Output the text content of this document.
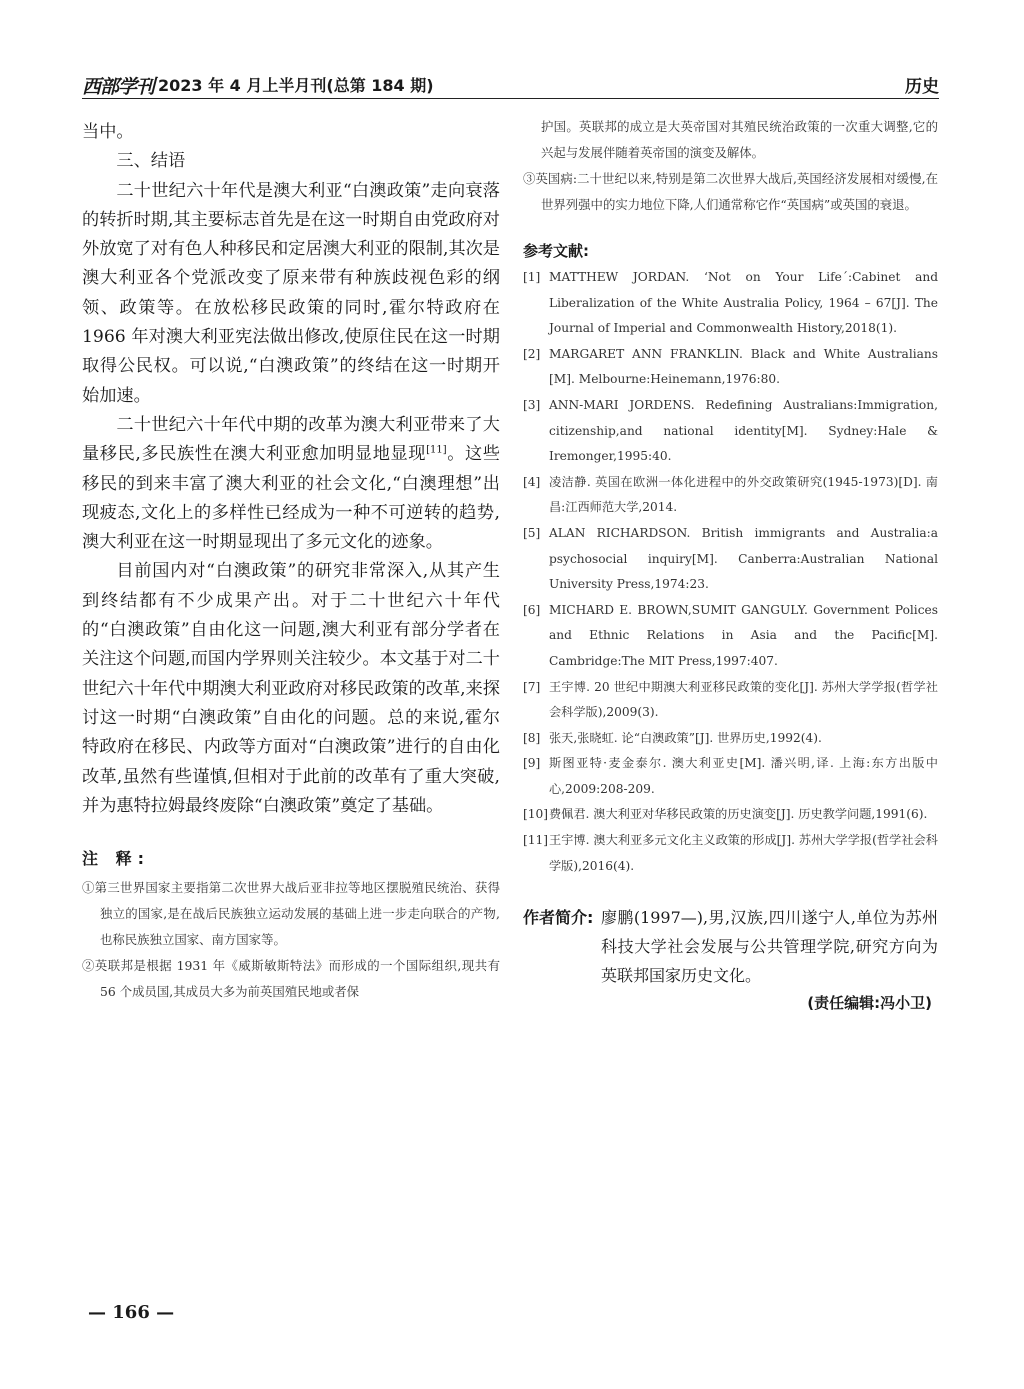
西部学刊 2023 年 4 月上半月刊(总第 184 期)	历史

当中。

三、结语

二十世纪六十年代是澳大利亚“白澳政策”走向衰落的转折时期,其主要标志首先是在这一时期自由党政府对外放宽了对有色人种移民和定居澳大利亚的限制,其次是澳大利亚各个党派改变了原来带有种族歧视色彩的纲领、政策等。在放松移民政策的同时,霍尔特政府在 1966 年对澳大利亚宪法做出修改,使原住民在这一时期取得公民权。可以说,“白澳政策”的终结在这一时期开始加速。

二十世纪六十年代中期的改革为澳大利亚带来了大量移民,多民族性在澳大利亚愈加明显地显现[11]。这些移民的到来丰富了澳大利亚的社会文化,“白澳理想”出现疲态,文化上的多样性已经成为一种不可逆转的趋势,澳大利亚在这一时期显现出了多元文化的迹象。

目前国内对“白澳政策”的研究非常深入,从其产生到终结都有不少成果产出。对于二十世纪六十年代的“白澳政策”自由化这一问题,澳大利亚有部分学者在关注这个问题,而国内学界则关注较少。本文基于对二十世纪六十年代中期澳大利亚政府对移民政策的改革,来探讨这一时期“白澳政策”自由化的问题。总的来说,霍尔特政府在移民、内政等方面对“白澳政策”进行的自由化改革,虽然有些谨慎,但相对于此前的改革有了重大突破,并为惠特拉姆最终废除“白澳政策”奠定了基础。

注 释:
①第三世界国家主要指第二次世界大战后亚非拉等地区摆脱殖民统治、获得独立的国家,是在战后民族独立运动发展的基础上进一步走向联合的产物,也称民族独立国家、南方国家等。
②英联邦是根据 1931 年《威斯敏斯特法》而形成的一个国际组织,现共有 56 个成员国,其成员大多为前英国殖民地或者保
护国。英联邦的成立是大英帝国对其殖民统治政策的一次重大调整,它的兴起与发展伴随着英帝国的演变及解体。
③英国病:二十世纪以来,特别是第二次世界大战后,英国经济发展相对缓慢,在世界列强中的实力地位下降,人们通常称它作“英国病”或英国的衰退。
参考文献:
[1] MATTHEW JORDAN. ‘Not on Your Life´:Cabinet and Liberalization of the White Australia Policy, 1964 – 67[J]. The Journal of Imperial and Commonwealth History,2018(1).
[2] MARGARET ANN FRANKLIN. Black and White Australians [M]. Melbourne:Heinemann,1976:80.
[3] ANN-MARI JORDENS. Redefining Australians:Immigration, citizenship,and national identity[M]. Sydney:Hale & Iremonger,1995:40.
[4] 凌洁静. 英国在欧洲一体化进程中的外交政策研究(1945-1973)[D]. 南昌:江西师范大学,2014.
[5] ALAN RICHARDSON. British immigrants and Australia:a psychosocial inquiry[M]. Canberra:Australian National University Press,1974:23.
[6] MICHARD E. BROWN,SUMIT GANGULY. Government Polices and Ethnic Relations in Asia and the Pacific[M]. Cambridge:The MIT Press,1997:407.
[7] 王宇博. 20 世纪中期澳大利亚移民政策的变化[J]. 苏州大学学报(哲学社会科学版),2009(3).
[8] 张天,张晓虹. 论“白澳政策”[J]. 世界历史,1992(4).
[9] 斯图亚特·麦金泰尔. 澳大利亚史[M]. 潘兴明,译. 上海:东方出版中心,2009:208-209.
[10] 费佩君. 澳大利亚对华移民政策的历史演变[J]. 历史教学问题,1991(6).
[11] 王宇博. 澳大利亚多元文化主义政策的形成[J]. 苏州大学学报(哲学社会科学版),2016(4).
作者简介: 廖鹏(1997—),男,汉族,四川遂宁人,单位为苏州科技大学社会发展与公共管理学院,研究方向为英联邦国家历史文化。
(责任编辑:冯小卫)
— 166 —
